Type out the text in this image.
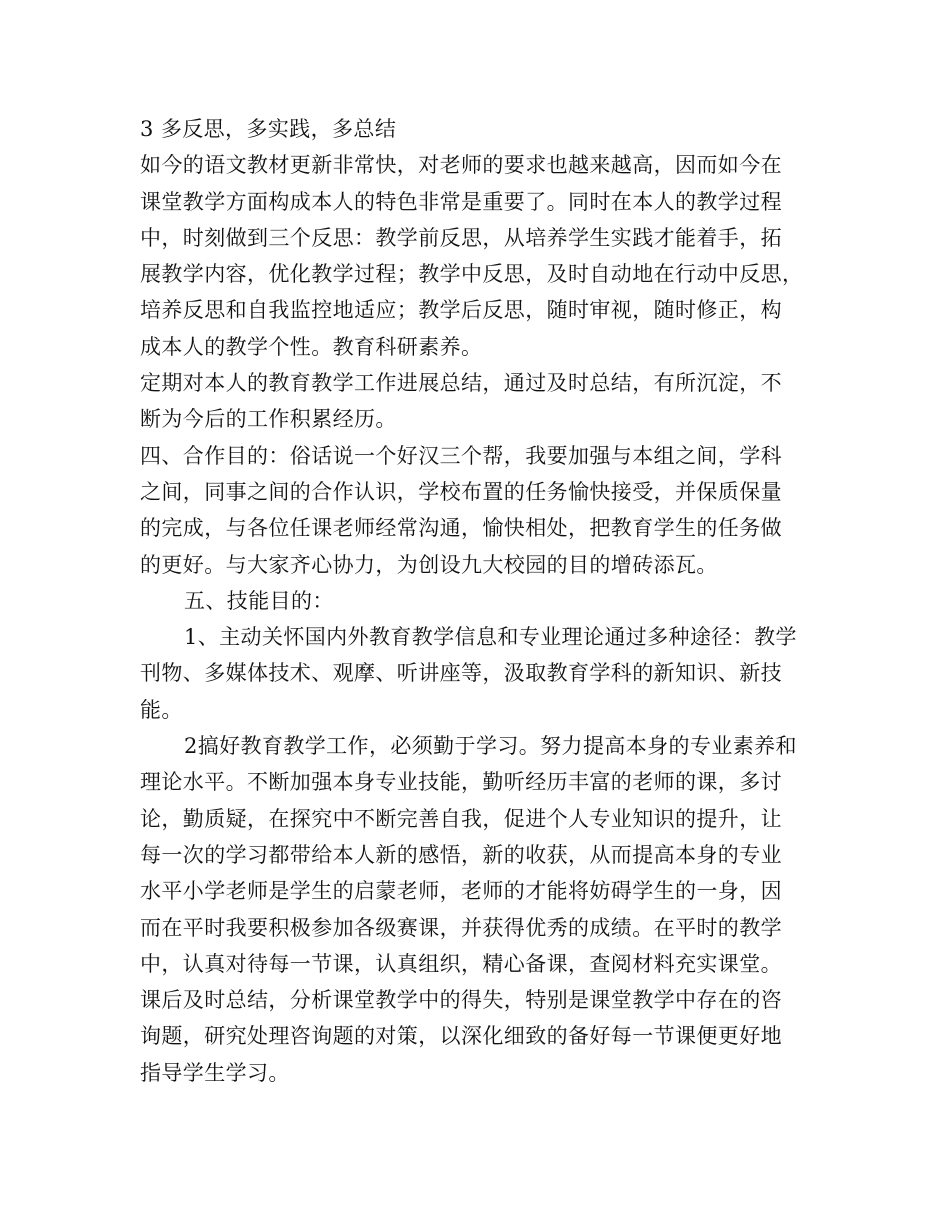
3 多反思，多实践，多总结
如今的语文教材更新非常快，对老师的要求也越来越高，因而如今在
课堂教学方面构成本人的特色非常是重要了。同时在本人的教学过程
中，时刻做到三个反思：教学前反思，从培养学生实践才能着手，拓
展教学内容，优化教学过程；教学中反思，及时自动地在行动中反思，
培养反思和自我监控地适应；教学后反思，随时审视，随时修正，构
成本人的教学个性。教育科研素养。
定期对本人的教育教学工作进展总结，通过及时总结，有所沉淀，不
断为今后的工作积累经历。
四、合作目的：俗话说一个好汉三个帮，我要加强与本组之间，学科
之间，同事之间的合作认识，学校布置的任务愉快接受，并保质保量
的完成，与各位任课老师经常沟通，愉快相处，把教育学生的任务做
的更好。与大家齐心协力，为创设九大校园的目的增砖添瓦。
五、技能目的：
1、主动关怀国内外教育教学信息和专业理论通过多种途径：教学
刊物、多媒体技术、观摩、听讲座等，汲取教育学科的新知识、新技
能。
2搞好教育教学工作，必须勤于学习。努力提高本身的专业素养和
理论水平。不断加强本身专业技能，勤听经历丰富的老师的课，多讨
论，勤质疑，在探究中不断完善自我，促进个人专业知识的提升，让
每一次的学习都带给本人新的感悟，新的收获，从而提高本身的专业
水平小学老师是学生的启蒙老师，老师的才能将妨碍学生的一身，因
而在平时我要积极参加各级赛课，并获得优秀的成绩。在平时的教学
中，认真对待每一节课，认真组织，精心备课，查阅材料充实课堂。
课后及时总结，分析课堂教学中的得失，特别是课堂教学中存在的咨
询题，研究处理咨询题的对策，以深化细致的备好每一节课便更好地
指导学生学习。
